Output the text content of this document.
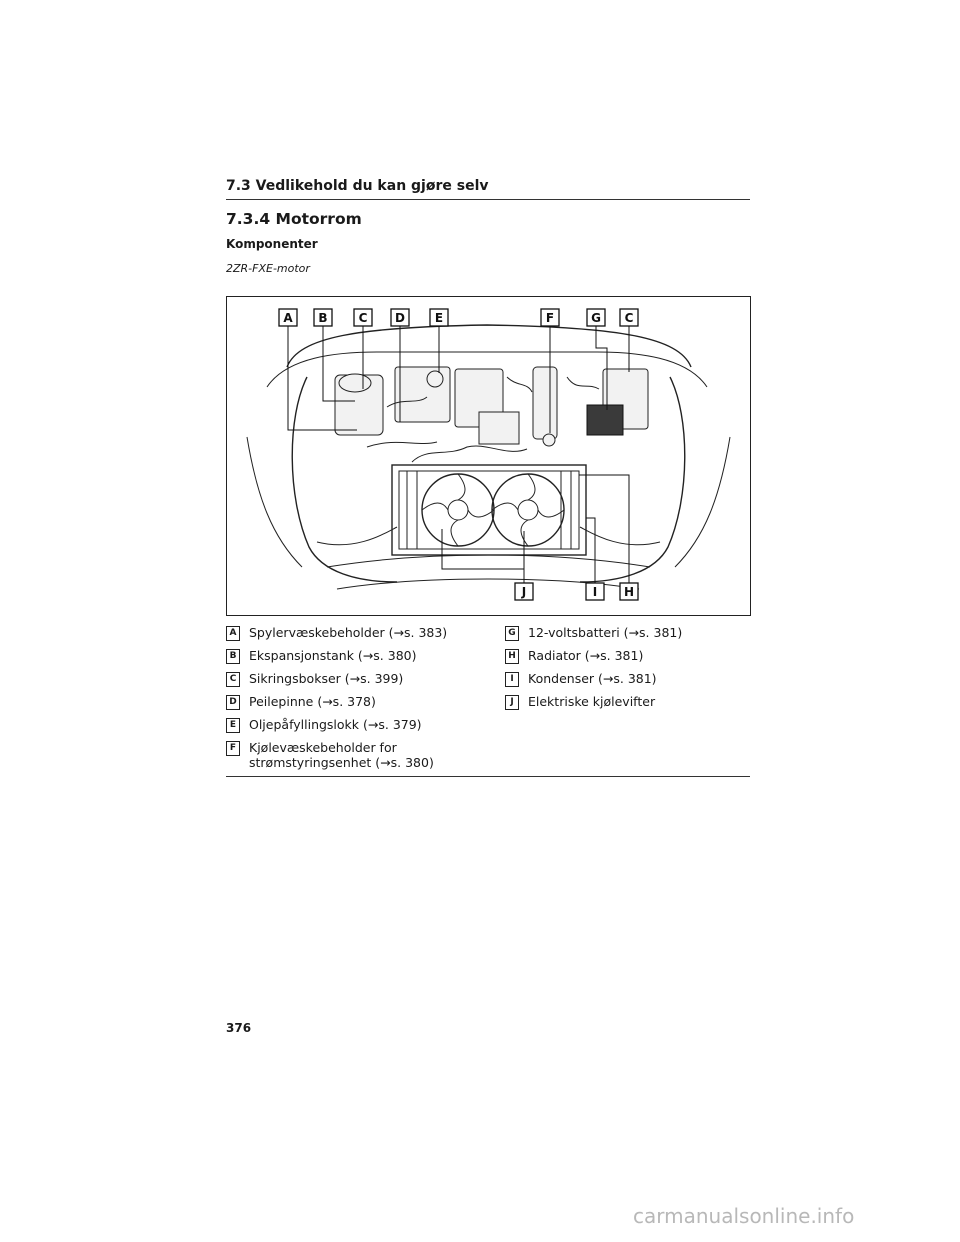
7.3 Vedlikehold du kan gjøre selv
7.3.4 Motorrom
Komponenter
2ZR-FXE-motor
A B	C D E	F	G C
J	I H
A Spylervæskebeholder (→s. 383)
B Ekspansjonstank (→s. 380)
C Sikringsbokser (→s. 399)
D Peilepinne (→s. 378)
E	Oljepåfyllingslokk (→s. 379)
F	Kjølevæskebeholder for
strømstyringsenhet (→s. 380)
G 12-voltsbatteri (→s. 381)
H Radiator (→s. 381)
I	Kondenser (→s. 381)
J	Elektriske kjølevifter
376
carmanualsonline.info
